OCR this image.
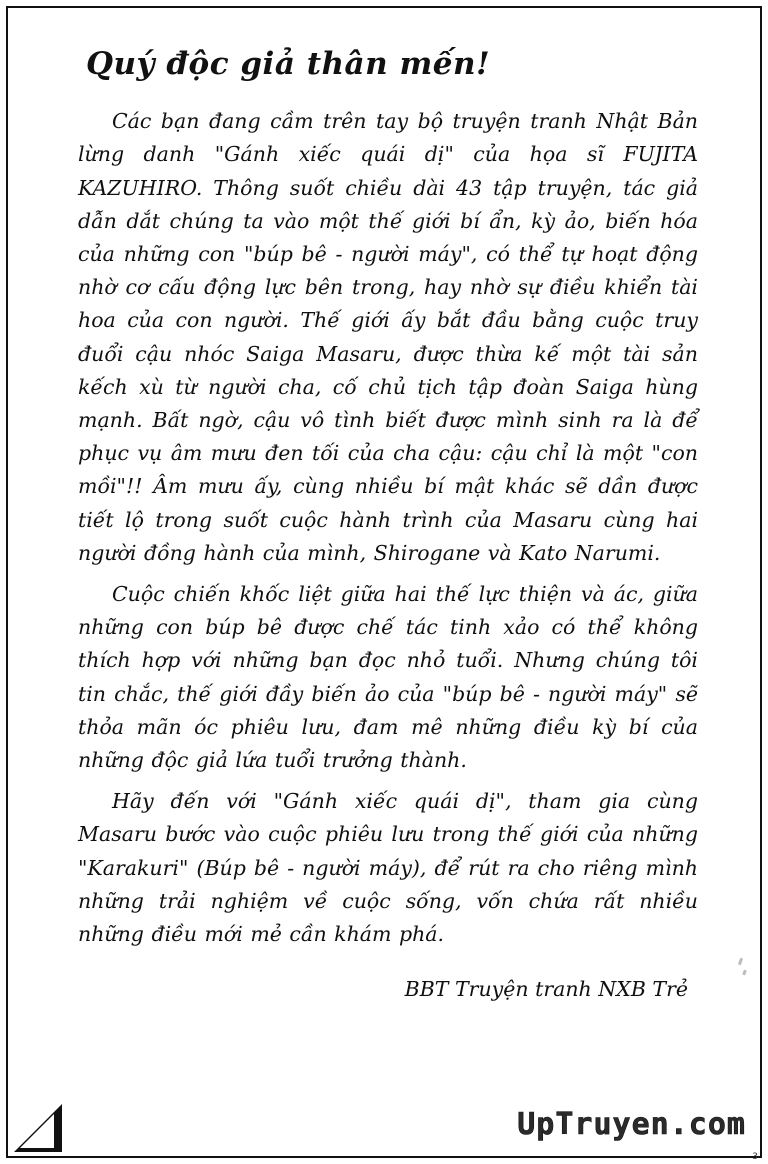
Quý độc giả thân mến!

Các bạn đang cầm trên tay bộ truyện tranh Nhật Bản lừng danh "Gánh xiếc quái dị" của họa sĩ FUJITA KAZUHIRO. Thông suốt chiều dài 43 tập truyện, tác giả dẫn dắt chúng ta vào một thế giới bí ẩn, kỳ ảo, biến hóa của những con "búp bê - người máy", có thể tự hoạt động nhờ cơ cấu động lực bên trong, hay nhờ sự điều khiển tài hoa của con người. Thế giới ấy bắt đầu bằng cuộc truy đuổi cậu nhóc Saiga Masaru, được thừa kế một tài sản kếch xù từ người cha, cố chủ tịch tập đoàn Saiga hùng mạnh. Bất ngờ, cậu vô tình biết được mình sinh ra là để phục vụ âm mưu đen tối của cha cậu: cậu chỉ là một "con mồi"!! Âm mưu ấy, cùng nhiều bí mật khác sẽ dần được tiết lộ trong suốt cuộc hành trình của Masaru cùng hai người đồng hành của mình, Shirogane và Kato Narumi.

Cuộc chiến khốc liệt giữa hai thế lực thiện và ác, giữa những con búp bê được chế tác tinh xảo có thể không thích hợp với những bạn đọc nhỏ tuổi. Nhưng chúng tôi tin chắc, thế giới đầy biến ảo của "búp bê - người máy" sẽ thỏa mãn óc phiêu lưu, đam mê những điều kỳ bí của những độc giả lứa tuổi trưởng thành.

Hãy đến với "Gánh xiếc quái dị", tham gia cùng Masaru bước vào cuộc phiêu lưu trong thế giới của những "Karakuri" (Búp bê - người máy), để rút ra cho riêng mình những trải nghiệm về cuộc sống, vốn chứa rất nhiều những điều mới mẻ cần khám phá.

BBT Truyện tranh NXB Trẻ
UpTruyen.com
3
